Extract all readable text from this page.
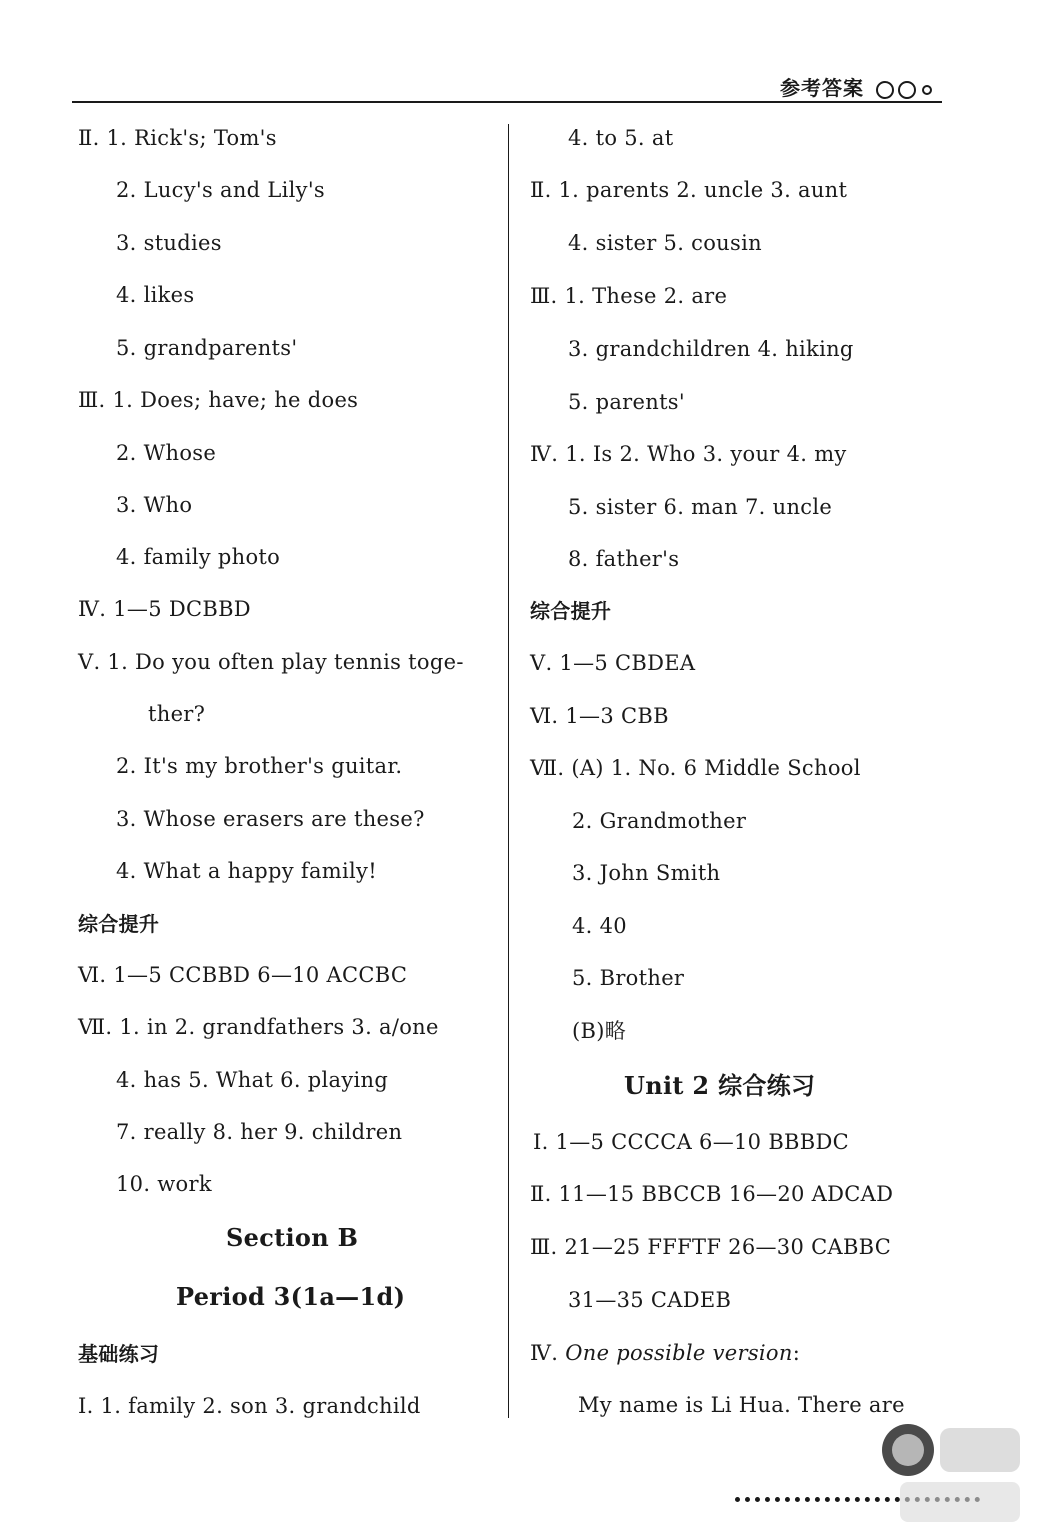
参考答案
Ⅱ. 1. Rick's; Tom's
2. Lucy's and Lily's
3. studies
4. likes
5. grandparents'
Ⅲ. 1. Does; have; he does
2. Whose
3. Who
4. family photo
Ⅳ. 1—5 DCBBD
Ⅴ. 1. Do you often play tennis toge-
ther?
2. It's my brother's guitar.
3. Whose erasers are these?
4. What a happy family!
综合提升
Ⅵ. 1—5 CCBBD 6—10 ACCBC
Ⅶ. 1. in 2. grandfathers 3. a/one
4. has 5. What 6. playing
7. really 8. her 9. children
10. work
Section B
Period 3(1a—1d)
基础练习
Ⅰ. 1. family 2. son 3. grandchild
4. to 5. at
Ⅱ. 1. parents 2. uncle 3. aunt
4. sister 5. cousin
Ⅲ. 1. These 2. are
3. grandchildren 4. hiking
5. parents'
Ⅳ. 1. Is 2. Who 3. your 4. my
5. sister 6. man 7. uncle
8. father's
综合提升
Ⅴ. 1—5 CBDEA
Ⅵ. 1—3 CBB
Ⅶ. (A) 1. No. 6 Middle School
2. Grandmother
3. John Smith
4. 40
5. Brother
(B)略
Unit 2 综合练习
Ⅰ. 1—5 CCCCA 6—10 BBBDC
Ⅱ. 11—15 BBCCB 16—20 ADCAD
Ⅲ. 21—25 FFFTF 26—30 CABBC
31—35 CADEB
Ⅳ. One possible version:
My name is Li Hua. There are
